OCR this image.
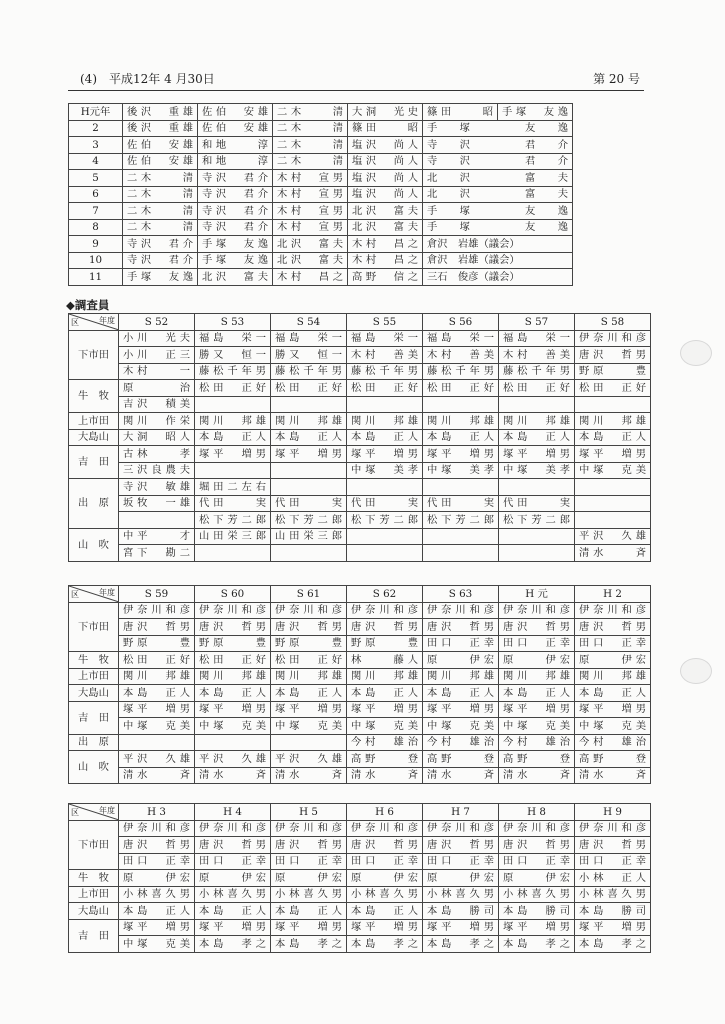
(4)　平成12年 4 月30日	第 20 号
H元年	後沢　重雄	佐伯　安雄	二木　　清	大洞　光史	篠田　　昭	手塚　友逸
2	後沢　重雄	佐伯　安雄	二木　　清	篠田　　昭	手塚　友逸	
3	佐伯　安雄	和地　　淳	二木　　清	塩沢　尚人	寺沢　君介	
4	佐伯　安雄	和地　　淳	二木　　清	塩沢　尚人	寺沢　君介	
5	二木　　清	寺沢　君介	木村　宣男	塩沢　尚人	北沢　富夫	
6	二木　　清	寺沢　君介	木村　宣男	塩沢　尚人	北沢　富夫	
7	二木　　清	寺沢　君介	木村　宣男	北沢　富夫	手塚　友逸	
8	二木　　清	寺沢　君介	木村　宣男	北沢　富夫	手塚　友逸	
9	寺沢　君介	手塚　友逸	北沢　富夫	木村　昌之	倉沢　岩雄（議会）	
10	寺沢　君介	手塚　友逸	北沢　富夫	木村　昌之	倉沢　岩雄（議会）	
11	手塚　友逸	北沢　富夫	木村　昌之	高野　信之	三石　俊彦（議会）	
◆調査員
区 年度	S 52	S 53	S 54	S 55	S 56	S 57	S 58
下市田	小川　光夫	福島　栄一	福島　栄一	福島　栄一	福島　栄一	福島　栄一	伊奈川和彦
	小川　正三	勝又　恒一	勝又　恒一	木村　善美	木村　善美	木村　善美	唐沢　哲男
	木村　　一	藤松千年男	藤松千年男	藤松千年男	藤松千年男	藤松千年男	野原　　豊
牛　牧	原　　　治	松田　正好	松田　正好	松田　正好	松田　正好	松田　正好	松田　正好
	吉沢　積美						
上市田	関川　作栄	関川　邦雄	関川　邦雄	関川　邦雄	関川　邦雄	関川　邦雄	関川　邦雄
大島山	大洞　昭人	本島　正人	本島　正人	本島　正人	本島　正人	本島　正人	本島　正人
吉　田	古林　　孝	塚平　増男	塚平　増男	塚平　増男	塚平　増男	塚平　増男	塚平　増男
	三沢良農夫			中塚　美孝	中塚　美孝	中塚　美孝	中塚　克美
出　原	寺沢　敏雄	堀田二左右					
	坂牧　一雄	代田　　実	代田　　実	代田　　実	代田　　実	代田　　実	
		松下芳二郎	松下芳二郎	松下芳二郎	松下芳二郎	松下芳二郎	
山　吹	中平　　才	山田栄三郎	山田栄三郎				平沢　久雄
	宮下　勘二						清水　　斉
区 年度	S 59	S 60	S 61	S 62	S 63	H 元	H 2
下市田	伊奈川和彦	伊奈川和彦	伊奈川和彦	伊奈川和彦	伊奈川和彦	伊奈川和彦	伊奈川和彦
	唐沢　哲男	唐沢　哲男	唐沢　哲男	唐沢　哲男	唐沢　哲男	唐沢　哲男	唐沢　哲男
	野原　　豊	野原　　豊	野原　　豊	野原　　豊	田口　正幸	田口　正幸	田口　正幸
牛　牧	松田　正好	松田　正好	松田　正好	林　　藤人	原　　伊宏	原　　伊宏	原　　伊宏
上市田	関川　邦雄	関川　邦雄	関川　邦雄	関川　邦雄	関川　邦雄	関川　邦雄	関川　邦雄
大島山	本島　正人	本島　正人	本島　正人	本島　正人	本島　正人	本島　正人	本島　正人
吉　田	塚平　増男	塚平　増男	塚平　増男	塚平　増男	塚平　増男	塚平　増男	塚平　増男
	中塚　克美	中塚　克美	中塚　克美	中塚　克美	中塚　克美	中塚　克美	中塚　克美
出　原				今村　雄治	今村　雄治	今村　雄治	今村　雄治
山　吹	平沢　久雄	平沢　久雄	平沢　久雄	高野　　登	高野　　登	高野　　登	高野　　登
	清水　　斉	清水　　斉	清水　　斉	清水　　斉	清水　　斉	清水　　斉	清水　　斉
区 年度	H 3	H 4	H 5	H 6	H 7	H 8	H 9
下市田	伊奈川和彦	伊奈川和彦	伊奈川和彦	伊奈川和彦	伊奈川和彦	伊奈川和彦	伊奈川和彦
	唐沢　哲男	唐沢　哲男	唐沢　哲男	唐沢　哲男	唐沢　哲男	唐沢　哲男	唐沢　哲男
	田口　正幸	田口　正幸	田口　正幸	田口　正幸	田口　正幸	田口　正幸	田口　正幸
牛　牧	原　　伊宏	原　　伊宏	原　　伊宏	原　　伊宏	原　　伊宏	原　　伊宏	小林　正人
上市田	小林喜久男	小林喜久男	小林喜久男	小林喜久男	小林喜久男	小林喜久男	小林喜久男
大島山	本島　正人	本島　正人	本島　正人	本島　正人	本島　勝司	本島　勝司	本島　勝司
吉　田	塚平　増男	塚平　増男	塚平　増男	塚平　増男	塚平　増男	塚平　増男	塚平　増男
	中塚　克美	本島　孝之	本島　孝之	本島　孝之	本島　孝之	本島　孝之	本島　孝之
